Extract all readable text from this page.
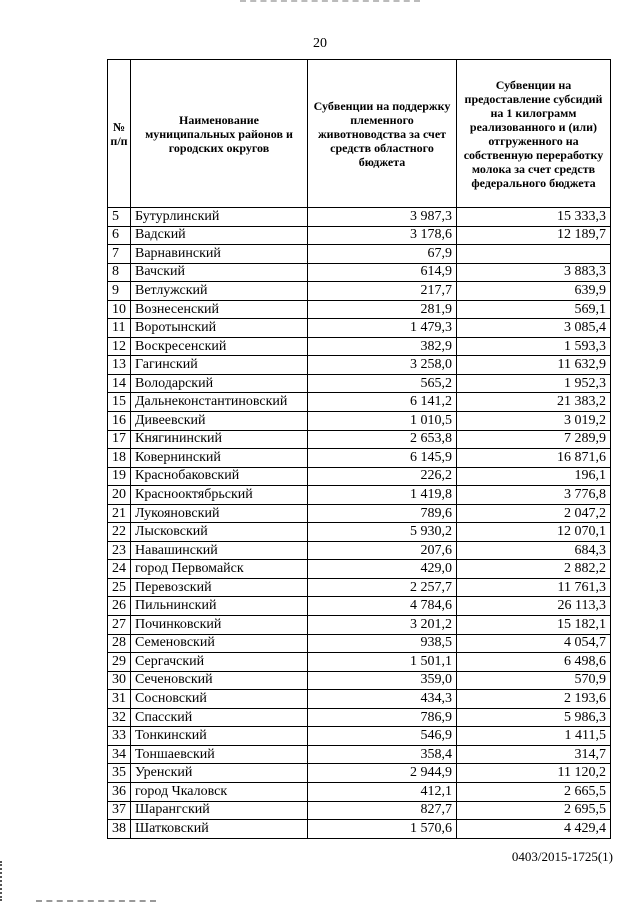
20
№ п/п	Наименование муниципальных районов и городских округов	Субвенции на поддержку племенного животноводства за счет средств областного бюджета	Субвенции на предоставление субсидий на 1 килограмм реализованного и (или) отгруженного на собственную переработку молока за счет средств федерального бюджета
5	Бутурлинский	3 987,3	15 333,3
6	Вадский	3 178,6	12 189,7
7	Варнавинский	67,9	
8	Вачский	614,9	3 883,3
9	Ветлужский	217,7	639,9
10	Вознесенский	281,9	569,1
11	Воротынский	1 479,3	3 085,4
12	Воскресенский	382,9	1 593,3
13	Гагинский	3 258,0	11 632,9
14	Володарский	565,2	1 952,3
15	Дальнеконстантиновский	6 141,2	21 383,2
16	Дивеевский	1 010,5	3 019,2
17	Княгининский	2 653,8	7 289,9
18	Ковернинский	6 145,9	16 871,6
19	Краснобаковский	226,2	196,1
20	Краснооктябрьский	1 419,8	3 776,8
21	Лукояновский	789,6	2 047,2
22	Лысковский	5 930,2	12 070,1
23	Навашинский	207,6	684,3
24	город Первомайск	429,0	2 882,2
25	Перевозский	2 257,7	11 761,3
26	Пильнинский	4 784,6	26 113,3
27	Починковский	3 201,2	15 182,1
28	Семеновский	938,5	4 054,7
29	Сергачский	1 501,1	6 498,6
30	Сеченовский	359,0	570,9
31	Сосновский	434,3	2 193,6
32	Спасский	786,9	5 986,3
33	Тонкинский	546,9	1 411,5
34	Тоншаевский	358,4	314,7
35	Уренский	2 944,9	11 120,2
36	город Чкаловск	412,1	2 665,5
37	Шарангский	827,7	2 695,5
38	Шатковский	1 570,6	4 429,4
0403/2015-1725(1)
